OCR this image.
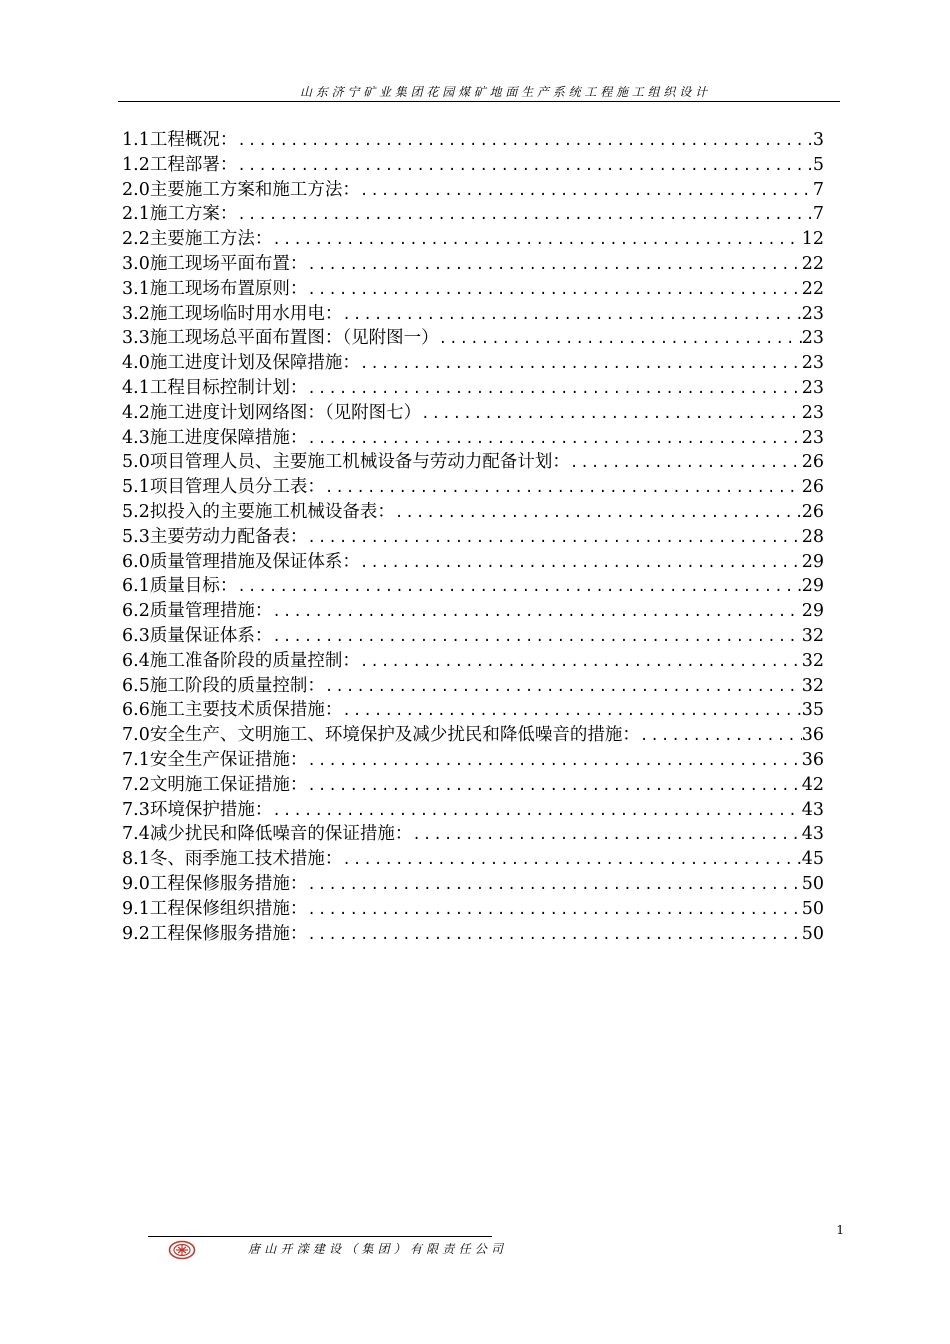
山东济宁矿业集团花园煤矿地面生产系统工程施工组织设计
1.1工程概况： .....	3
1.2工程部署： .....	5
2.0主要施工方案和施工方法： .....	7
2.1施工方案： .....	7
2.2主要施工方法： .....	12
3.0施工现场平面布置： .....	22
3.1施工现场布置原则： .....	22
3.2施工现场临时用水用电： .....	23
3.3施工现场总平面布置图：（见附图一） .....	23
4.0施工进度计划及保障措施： .....	23
4.1工程目标控制计划： .....	23
4.2施工进度计划网络图：（见附图七） .....	23
4.3施工进度保障措施： .....	23
5.0项目管理人员、主要施工机械设备与劳动力配备计划： .....	26
5.1项目管理人员分工表： .....	26
5.2拟投入的主要施工机械设备表： .....	26
5.3主要劳动力配备表： .....	28
6.0质量管理措施及保证体系： .....	29
6.1质量目标： .....	29
6.2质量管理措施： .....	29
6.3质量保证体系： .....	32
6.4施工准备阶段的质量控制： .....	32
6.5施工阶段的质量控制： .....	32
6.6施工主要技术质保措施： .....	35
7.0安全生产、文明施工、环境保护及减少扰民和降低噪音的措施： .....	36
7.1安全生产保证措施： .....	36
7.2文明施工保证措施： .....	42
7.3环境保护措施： .....	43
7.4减少扰民和降低噪音的保证措施： .....	43
8.1冬、雨季施工技术措施： .....	45
9.0工程保修服务措施： .....	50
9.1工程保修组织措施： .....	50
9.2工程保修服务措施： .....	50
1
唐山开滦建设（集团）有限责任公司
